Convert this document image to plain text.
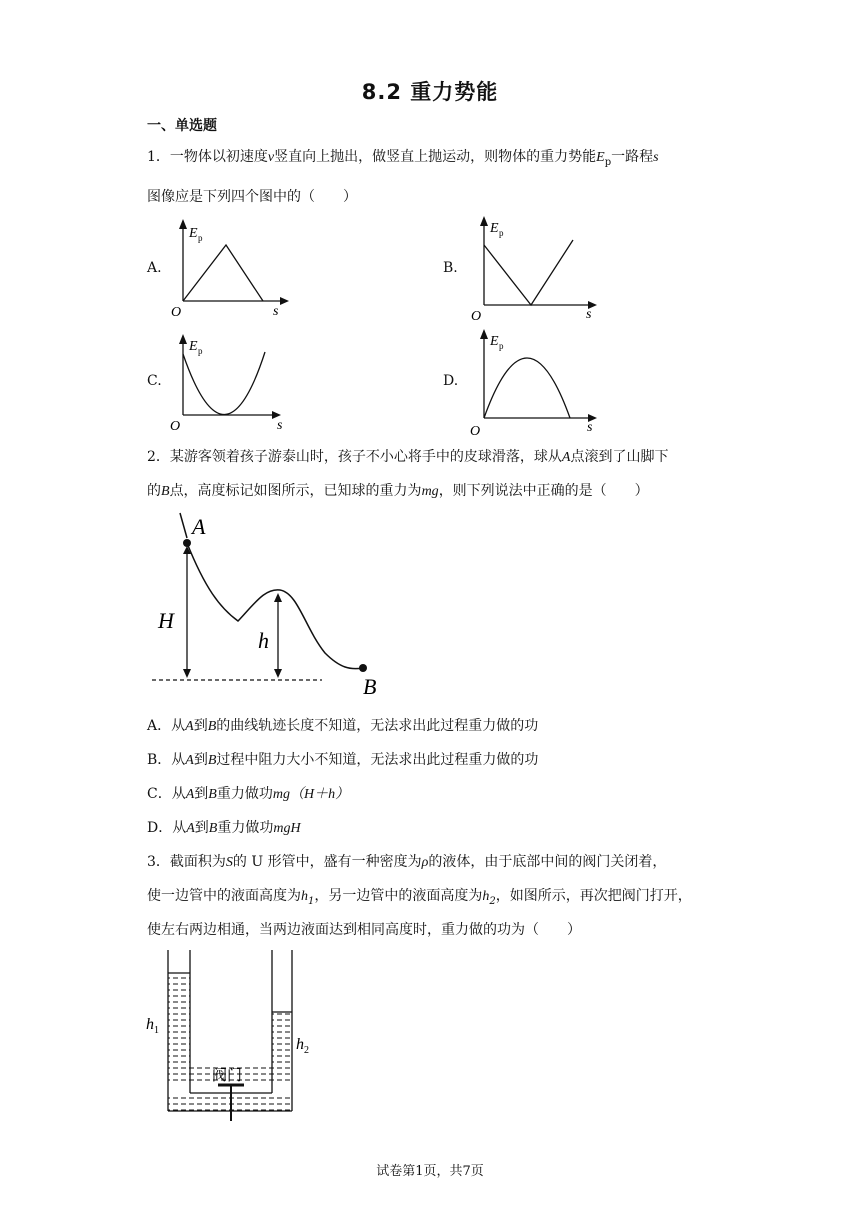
8.2 重力势能
一、单选题
1．一物体以初速度v竖直向上抛出，做竖直上抛运动，则物体的重力势能$E_p$一路程s
图像应是下列四个图中的（　　）
A.	B.
C.	D.
E p
s
O
E p
s
O
E p
s
O
E p
s
O
2．某游客领着孩子游泰山时，孩子不小心将手中的皮球滑落，球从A点滚到了山脚下
的B点，高度标记如图所示，已知球的重力为mg，则下列说法中正确的是（　　）
A
B
H
h
A．从A到B的曲线轨迹长度不知道，无法求出此过程重力做的功
B．从A到B过程中阻力大小不知道，无法求出此过程重力做的功
C．从A到B重力做功mg（H＋h）
D．从A到B重力做功mgH
3．截面积为S的 U 形管中，盛有一种密度为ρ的液体，由于底部中间的阀门关闭着，
使一边管中的液面高度为$h_1$，另一边管中的液面高度为$h_2$，如图所示，再次把阀门打开，
使左右两边相通，当两边液面达到相同高度时，重力做的功为（　　）
阀门
h 1
h 2
试卷第1页，共7页
